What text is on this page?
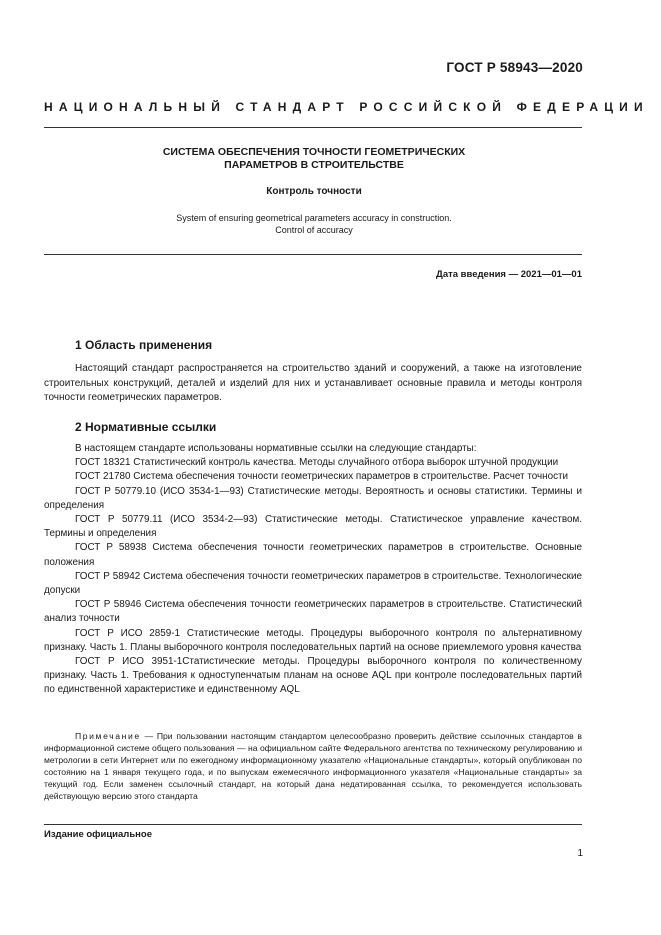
ГОСТ Р 58943—2020
НАЦИОНАЛЬНЫЙ СТАНДАРТ РОССИЙСКОЙ ФЕДЕРАЦИИ
СИСТЕМА ОБЕСПЕЧЕНИЯ ТОЧНОСТИ ГЕОМЕТРИЧЕСКИХ
ПАРАМЕТРОВ В СТРОИТЕЛЬСТВЕ
Контроль точности
System of ensuring geometrical parameters accuracy in construction.
Control of accuracy
Дата введения — 2021—01—01
1 Область применения
Настоящий стандарт распространяется на строительство зданий и сооружений, а также на изготовление строительных конструкций, деталей и изделий для них и устанавливает основные правила и методы контроля точности геометрических параметров.
2 Нормативные ссылки

В настоящем стандарте использованы нормативные ссылки на следующие стандарты:

ГОСТ 18321 Статистический контроль качества. Методы случайного отбора выборок штучной продукции

ГОСТ 21780 Система обеспечения точности геометрических параметров в строительстве. Расчет точности

ГОСТ Р 50779.10 (ИСО 3534-1—93) Статистические методы. Вероятность и основы статистики. Термины и определения

ГОСТ Р 50779.11 (ИСО 3534-2—93) Статистические методы. Статистическое управление качеством. Термины и определения

ГОСТ Р 58938 Система обеспечения точности геометрических параметров в строительстве. Основные положения

ГОСТ Р 58942 Система обеспечения точности геометрических параметров в строительстве. Технологические допуски

ГОСТ Р 58946 Система обеспечения точности геометрических параметров в строительстве. Статистический анализ точности

ГОСТ Р ИСО 2859-1 Статистические методы. Процедуры выборочного контроля по альтернативному признаку. Часть 1. Планы выборочного контроля последовательных партий на основе приемлемого уровня качества

ГОСТ Р ИСО 3951-1Статистические методы. Процедуры выборочного контроля по количественному признаку. Часть 1. Требования к одноступенчатым планам на основе AQL при контроле последовательных партий по единственной характеристике и единственному AQL

Примечание — При пользовании настоящим стандартом целесообразно проверить действие ссылочных стандартов в информационной системе общего пользования — на официальном сайте Федерального агентства по техническому регулированию и метрологии в сети Интернет или по ежегодному информационному указателю «Национальные стандарты», который опубликован по состоянию на 1 января текущего года, и по выпускам ежемесячного информационного указателя «Национальные стандарты» за текущий год. Если заменен ссылочный стандарт, на который дана недатированная ссылка, то рекомендуется использовать действующую версию этого стандарта
Издание официальное
1
